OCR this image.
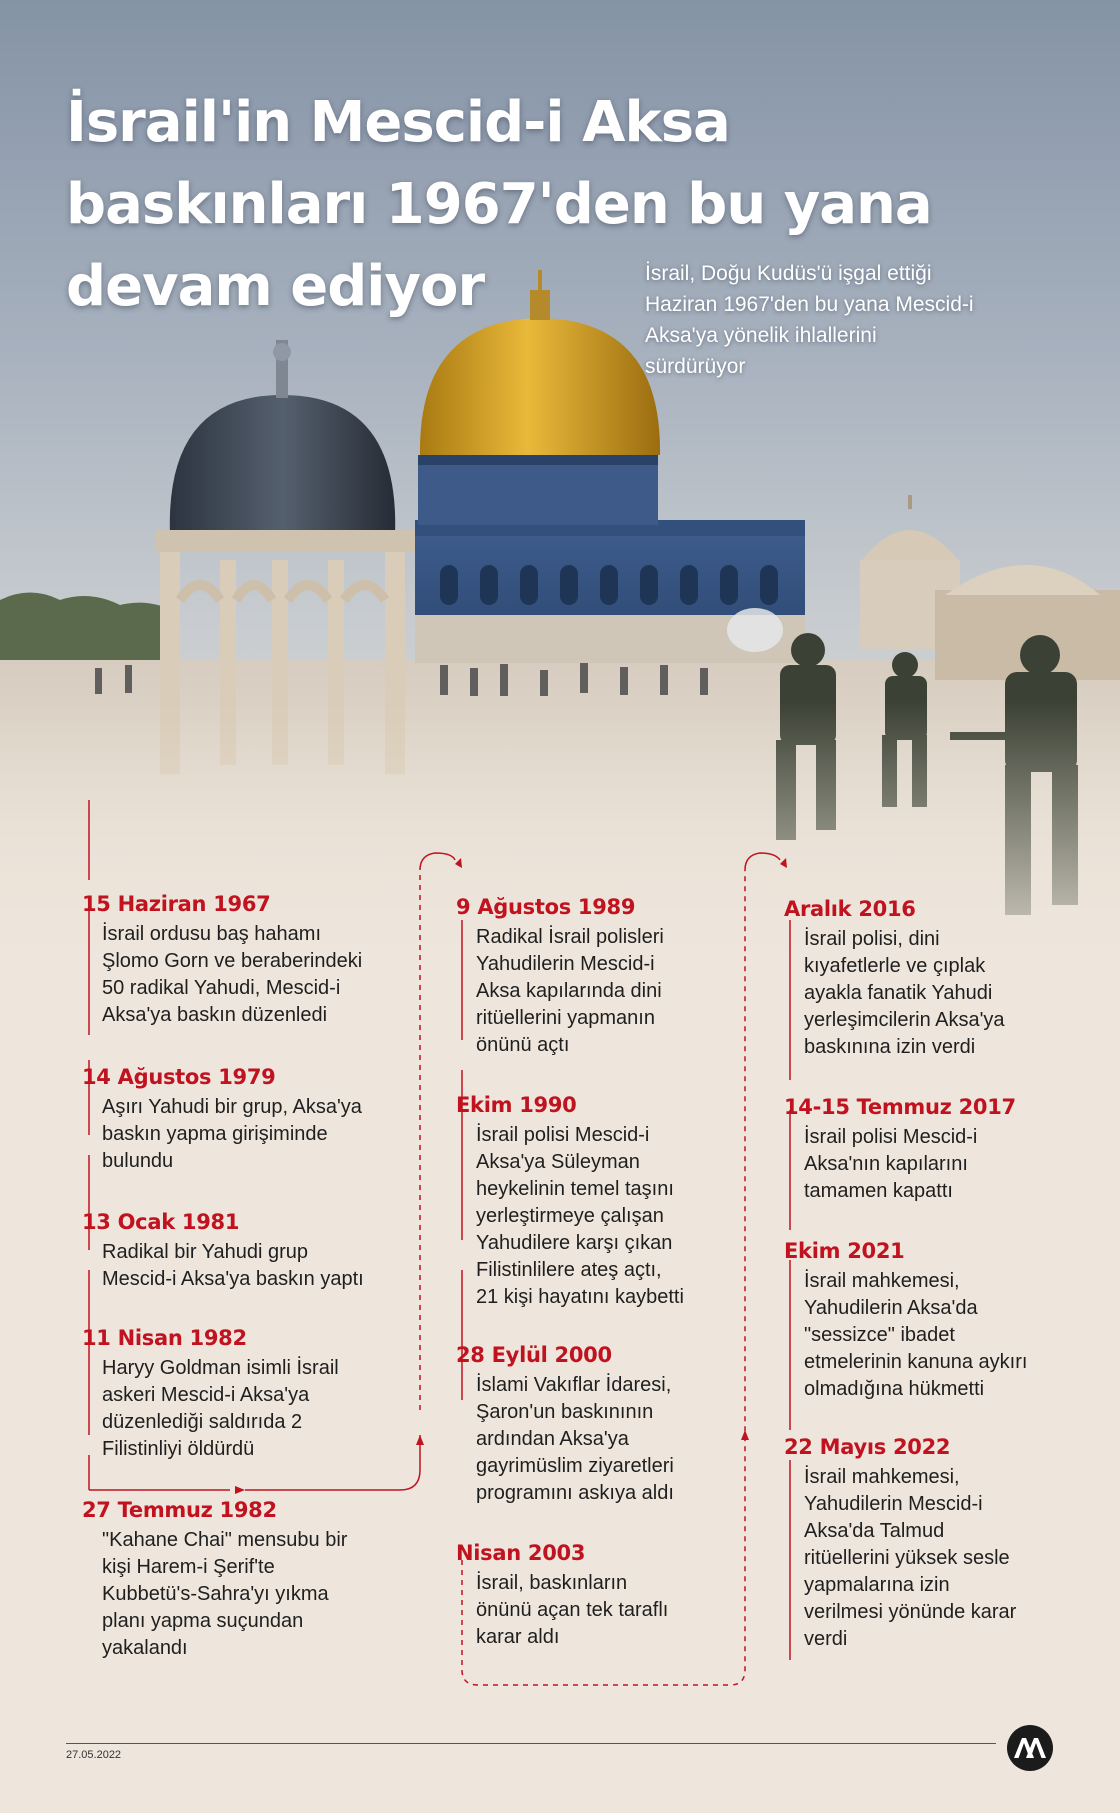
İsrail'in Mescid-i Aksa
baskınları 1967'den bu yana
devam ediyor	İsrail, Doğu Kudüs'ü işgal ettiği
Haziran 1967'den bu yana Mescid-i
Aksa'ya yönelik ihlallerini
sürdürüyor
15 Haziran 1967
İsrail ordusu baş hahamı
Şlomo Gorn ve beraberindeki
50 radikal Yahudi, Mescid-i
Aksa'ya baskın düzenledi
14 Ağustos 1979
Aşırı Yahudi bir grup, Aksa'ya
baskın yapma girişiminde
bulundu
13 Ocak 1981
Radikal bir Yahudi grup
Mescid-i Aksa'ya baskın yaptı
11 Nisan 1982
Haryy Goldman isimli İsrail
askeri Mescid-i Aksa'ya
düzenlediği saldırıda 2
Filistinliyi öldürdü
27 Temmuz 1982
"Kahane Chai" mensubu bir
kişi Harem-i Şerif'te
Kubbetü's-Sahra'yı yıkma
planı yapma suçundan
yakalandı
9 Ağustos 1989
Radikal İsrail polisleri
Yahudilerin Mescid-i
Aksa kapılarında dini
ritüellerini yapmanın
önünü açtı
Ekim 1990
İsrail polisi Mescid-i
Aksa'ya Süleyman
heykelinin temel taşını
yerleştirmeye çalışan
Yahudilere karşı çıkan
Filistinlilere ateş açtı,
21 kişi hayatını kaybetti
28 Eylül 2000
İslami Vakıflar İdaresi,
Şaron'un baskınının
ardından Aksa'ya
gayrimüslim ziyaretleri
programını askıya aldı
Nisan 2003
İsrail, baskınların
önünü açan tek taraflı
karar aldı
Aralık 2016
İsrail polisi, dini
kıyafetlerle ve çıplak
ayakla fanatik Yahudi
yerleşimcilerin Aksa'ya
baskınına izin verdi
14-15 Temmuz 2017
İsrail polisi Mescid-i
Aksa'nın kapılarını
tamamen kapattı
Ekim 2021
İsrail mahkemesi,
Yahudilerin Aksa'da
"sessizce" ibadet
etmelerinin kanuna aykırı
olmadığına hükmetti
22 Mayıs 2022
İsrail mahkemesi,
Yahudilerin Mescid-i
Aksa'da Talmud
ritüellerini yüksek sesle
yapmalarına izin
verilmesi yönünde karar
verdi
27.05.2022
